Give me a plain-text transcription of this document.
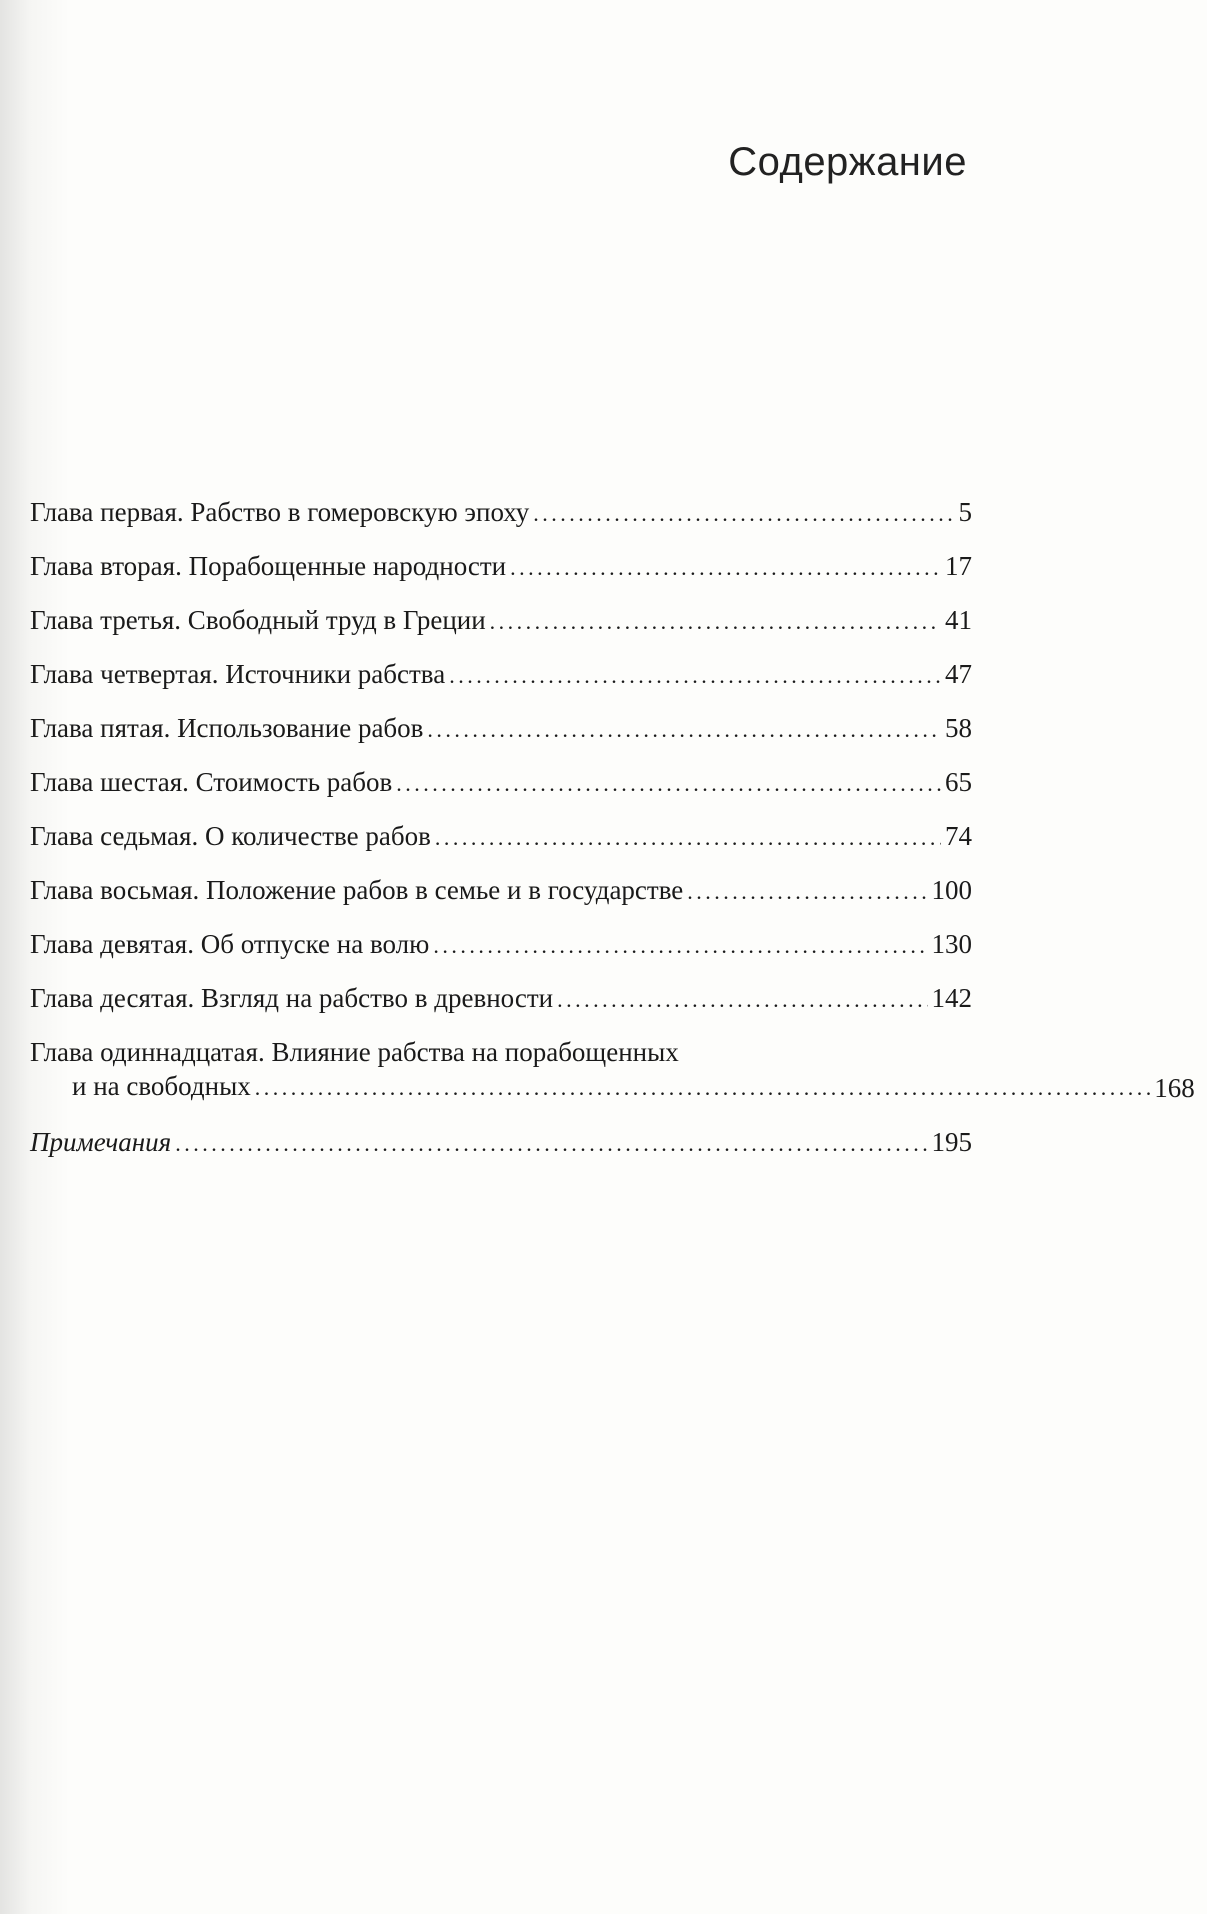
Содержание
Глава первая. Рабство в гомеровскую эпоху . . .	5
Глава вторая. Порабощенные народности . . .	17
Глава третья. Свободный труд в Греции . . .	41
Глава четвертая. Источники рабства . . .	47
Глава пятая. Использование рабов . . .	58
Глава шестая. Стоимость рабов . . .	65
Глава седьмая. О количестве рабов . . .	74
Глава восьмая. Положение рабов в семье и в государстве . . .	100
Глава девятая. Об отпуске на волю . . .	130
Глава десятая. Взгляд на рабство в древности . . .	142
Глава одиннадцатая. Влияние рабства на порабощенных
и на свободных . . .	168
Примечания . . .	195
